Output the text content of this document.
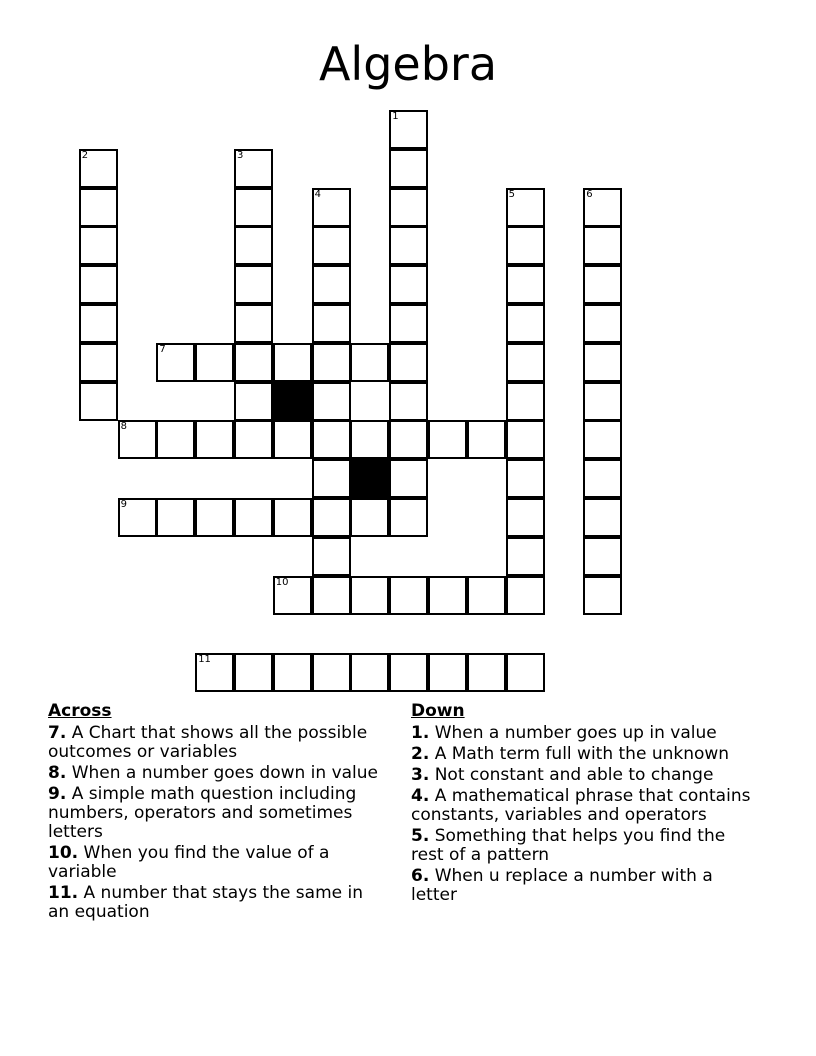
Algebra
1
2	3
4	5	6
7
8
9
10
11
Across
7. A Chart that shows all the possible outcomes or variables
8. When a number goes down in value
9. A simple math question including numbers, operators and sometimes letters
10. When you find the value of a variable
11. A number that stays the same in an equation
Down
1. When a number goes up in value
2. A Math term full with the unknown
3. Not constant and able to change
4. A mathematical phrase that contains constants, variables and operators
5. Something that helps you find the rest of a pattern
6. When u replace a number with a letter
